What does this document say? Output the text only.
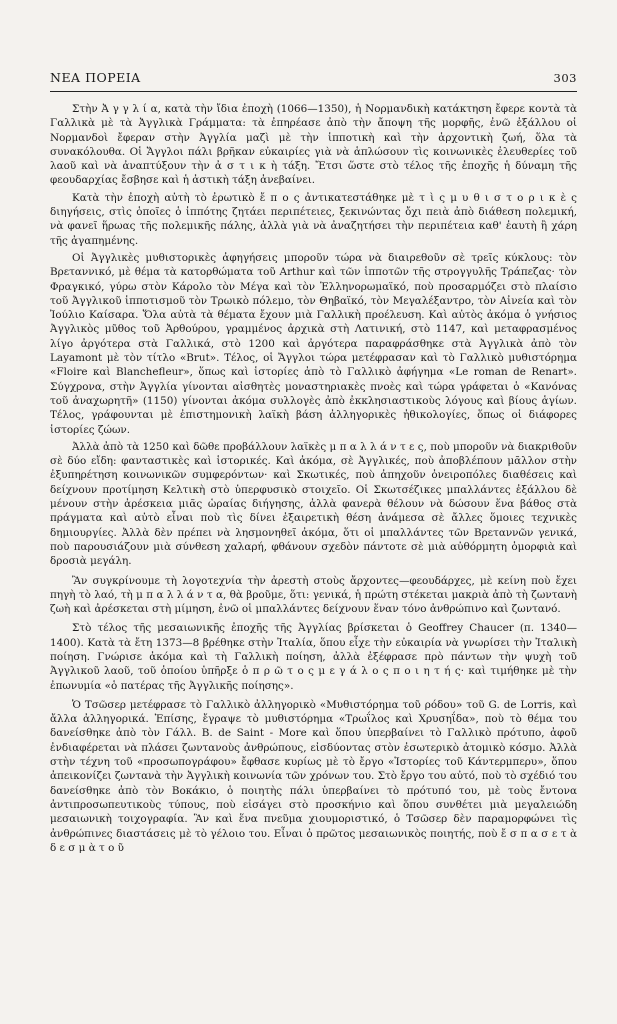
ΝΕΑ ΠΟΡΕΙΑ	303

Στὴν Ἀ γ γ λ ί α, κατὰ τὴν ἴδια ἐποχὴ (1066—1350), ἡ Νορμανδικὴ κατάκτηση ἔφερε κοντὰ τὰ Γαλλικὰ μὲ τὰ Ἀγγλικὰ Γράμματα: τὰ ἐπηρέασε ἀπὸ τὴν ἄποψη τῆς μορφῆς, ἐνῶ ἐξάλλου οἱ Νορμανδοὶ ἔφεραν στὴν Ἀγγλία μαζὶ μὲ τὴν ἱπποτικὴ καὶ τὴν ἀρχοντικὴ ζωή, ὅλα τὰ συνακόλουθα. Οἱ Ἄγγλοι πάλι βρῆκαν εὐκαιρίες γιὰ νὰ ἁπλώσουν τὶς κοινωνικὲς ἐλευθερίες τοῦ λαοῦ καὶ νὰ ἀναπτύξουν τὴν ἀ σ τ ι κ ὴ τάξη. Ἔτσι ὥστε στὸ τέλος τῆς ἐποχῆς ἡ δύναμη τῆς φεουδαρχίας ἔσβησε καὶ ἡ ἀστικὴ τάξη ἀνεβαίνει.

Κατὰ τὴν ἐποχὴ αὐτὴ τὸ ἐρωτικὸ ἔ π ο ς ἀντικατεστάθηκε μὲ τ ὶ ς μ υ θ ι σ τ ο ρ ι κ ὲ ς διηγήσεις, στὶς ὁποῖες ὁ ἱππότης ζητάει περιπέτειες, ξεκινώντας ὄχι πειὰ ἀπὸ διάθεση πολεμική, νὰ φανεῖ ἥρωας τῆς πολεμικῆς πάλης, ἀλλὰ γιὰ νὰ ἀναζητήσει τὴν περιπέτεια καθ' ἑαυτὴ ἢ χάρη τῆς ἀγαπημένης.

Οἱ Ἀγγλικὲς μυθιστορικὲς ἀφηγήσεις μποροῦν τώρα νὰ διαιρεθοῦν σὲ τρεῖς κύκλους: τὸν Βρεταννικό, μὲ θέμα τὰ κατορθώματα τοῦ Arthur καὶ τῶν ἱπποτῶν τῆς στρογγυλῆς Τράπεζας· τὸν Φραγκικό, γύρω στὸν Κάρολο τὸν Μέγα καὶ τὸν Ἑλληνορωμαϊκό, ποὺ προσαρμόζει στὸ πλαίσιο τοῦ Ἀγγλικοῦ ἱπποτισμοῦ τὸν Τρωικὸ πόλεμο, τὸν Θηβαϊκό, τὸν Μεγαλέξαντρο, τὸν Αἰνεία καὶ τὸν Ἰούλιο Καίσαρα. Ὅλα αὐτὰ τὰ θέματα ἔχουν μιὰ Γαλλικὴ προέλευση. Καὶ αὐτὸς ἀκόμα ὁ γνήσιος Ἀγγλικὸς μῦθος τοῦ Ἀρθούρου, γραμμένος ἀρχικὰ στὴ Λατινική, στὸ 1147, καὶ μεταφρασμένος λίγο ἀργότερα στὰ Γαλλικά, στὸ 1200 καὶ ἀργότερα παραφράσθηκε στὰ Ἀγγλικὰ ἀπὸ τὸν Layamont μὲ τὸν τίτλο «Brut». Τέλος, οἱ Ἄγγλοι τώρα μετέφρασαν καὶ τὸ Γαλλικὸ μυθιστόρημα «Floire καὶ Blanchefleur», ὅπως καὶ ἱστορίες ἀπὸ τὸ Γαλλικὸ ἀφήγημα «Le roman de Renart». Σύγχρονα, στὴν Ἀγγλία γίνονται αἰσθητὲς μοναστηριακὲς πνοὲς καὶ τώρα γράφεται ὁ «Κανόνας τοῦ ἀναχωρητῆ» (1150) γίνονται ἀκόμα συλλογὲς ἀπὸ ἐκκλησιαστικοὺς λόγους καὶ βίους ἁγίων. Τέλος, γράφουνται μὲ ἐπιστημονικὴ λαϊκὴ βάση ἀλληγορικὲς ἠθικολογίες, ὅπως οἱ διάφορες ἱστορίες ζώων.

Ἀλλὰ ἀπὸ τὰ 1250 καὶ δῶθε προβάλλουν λαϊκὲς μ π α λ λ ά ν τ ε ς, ποὺ μποροῦν νὰ διακριθοῦν σὲ δύο εἴδη: φανταστικὲς καὶ ἱστορικές. Καὶ ἀκόμα, σὲ Ἀγγλικές, ποὺ ἀποβλέπουν μᾶλλον στὴν ἐξυπηρέτηση κοινωνικῶν συμφερόντων· καὶ Σκωτικές, ποὺ ἀπηχοῦν ὀνειροπόλες διαθέσεις καὶ δείχνουν προτίμηση Κελτικὴ στὸ ὑπερφυσικὸ στοιχεῖο. Οἱ Σκωτσέζικες μπαλλάντες ἐξάλλου δὲ μένουν στὴν ἀρέσκεια μιᾶς ὡραίας διήγησης, ἀλλὰ φανερὰ θέλουν νὰ δώσουν ἕνα βάθος στὰ πράγματα καὶ αὐτὸ εἶναι ποὺ τὶς δίνει ἐξαιρετικὴ θέση ἀνάμεσα σὲ ἄλλες ὅμοιες τεχνικὲς δημιουργίες. Ἀλλὰ δὲν πρέπει νὰ λησμονηθεῖ ἀκόμα, ὅτι οἱ μπαλλάντες τῶν Βρεταννῶν γενικά, ποὺ παρουσιάζουν μιὰ σύνθεση χαλαρή, φθάνουν σχεδὸν πάντοτε σὲ μιὰ αὐθόρμητη ὁμορφιὰ καὶ δροσιὰ μεγάλη.

Ἂν συγκρίνουμε τὴ λογοτεχνία τὴν ἀρεστὴ στοὺς ἄρχοντες—φεουδάρχες, μὲ κείνη ποὺ ἔχει πηγὴ τὸ λαό, τὴ μ π α λ λ ά ν τ α, θὰ βροῦμε, ὅτι: γενικά, ἡ πρώτη στέκεται μακριὰ ἀπὸ τὴ ζωντανὴ ζωὴ καὶ ἀρέσκεται στὴ μίμηση, ἐνῶ οἱ μπαλλάντες δείχνουν ἕναν τόνο ἀνθρώπινο καὶ ζωντανό.

Στὸ τέλος τῆς μεσαιωνικῆς ἐποχῆς τῆς Ἀγγλίας βρίσκεται ὁ Geoffrey Chaucer (π. 1340—1400). Κατὰ τὰ ἔτη 1373—8 βρέθηκε στὴν Ἰταλία, ὅπου εἶχε τὴν εὐκαιρία νὰ γνωρίσει τὴν Ἰταλικὴ ποίηση. Γνώρισε ἀκόμα καὶ τὴ Γαλλικὴ ποίηση, ἀλλὰ ἐξέφρασε πρὸ πάντων τὴν ψυχὴ τοῦ Ἀγγλικοῦ λαοῦ, τοῦ ὁποίου ὑπῆρξε ὁ π ρ ῶ τ ο ς μ ε γ ά λ ο ς π ο ι η τ ή ς· καὶ τιμήθηκε μὲ τὴν ἐπωνυμία «ὁ πατέρας τῆς Ἀγγλικῆς ποίησης».

Ὁ Τσῶσερ μετέφρασε τὸ Γαλλικὸ ἀλληγορικὸ «Μυθιστόρημα τοῦ ρόδου» τοῦ G. de Lorris, καὶ ἄλλα ἀλληγορικά. Ἐπίσης, ἔγραψε τὸ μυθιστόρημα «Τρωΐλος καὶ Χρυσηΐδα», ποὺ τὸ θέμα του δανείσθηκε ἀπὸ τὸν Γάλλ. B. de Saint - More καὶ ὅπου ὑπερβαίνει τὸ Γαλλικὸ πρότυπο, ἀφοῦ ἐνδιαφέρεται νὰ πλάσει ζωντανοὺς ἀνθρώπους, εἰσδύοντας στὸν ἐσωτερικὸ ἀτομικὸ κόσμο. Ἀλλὰ στὴν τέχνη τοῦ «προσωπογράφου» ἔφθασε κυρίως μὲ τὸ ἔργο «Ἱστορίες τοῦ Κάντερμπερυ», ὅπου ἀπεικονίζει ζωντανὰ τὴν Ἀγγλικὴ κοινωνία τῶν χρόνων του. Στὸ ἔργο του αὐτό, ποὺ τὸ σχέδιό του δανείσθηκε ἀπὸ τὸν Βοκάκιο, ὁ ποιητὴς πάλι ὑπερβαίνει τὸ πρότυπό του, μὲ τοὺς ἔντονα ἀντιπροσωπευτικοὺς τύπους, ποὺ εἰσάγει στὸ προσκήνιο καὶ ὅπου συνθέτει μιὰ μεγαλειώδη μεσαιωνικὴ τοιχογραφία. Ἂν καὶ ἕνα πνεῦμα χιουμοριστικό, ὁ Τσῶσερ δὲν παραμορφώνει τὶς ἀνθρώπινες διαστάσεις μὲ τὸ γέλοιο του. Εἶναι ὁ πρῶτος μεσαιωνικὸς ποιητής, ποὺ ἔ σ π α σ ε τ ὰ δ ε σ μ ὰ τ ο ῦ
